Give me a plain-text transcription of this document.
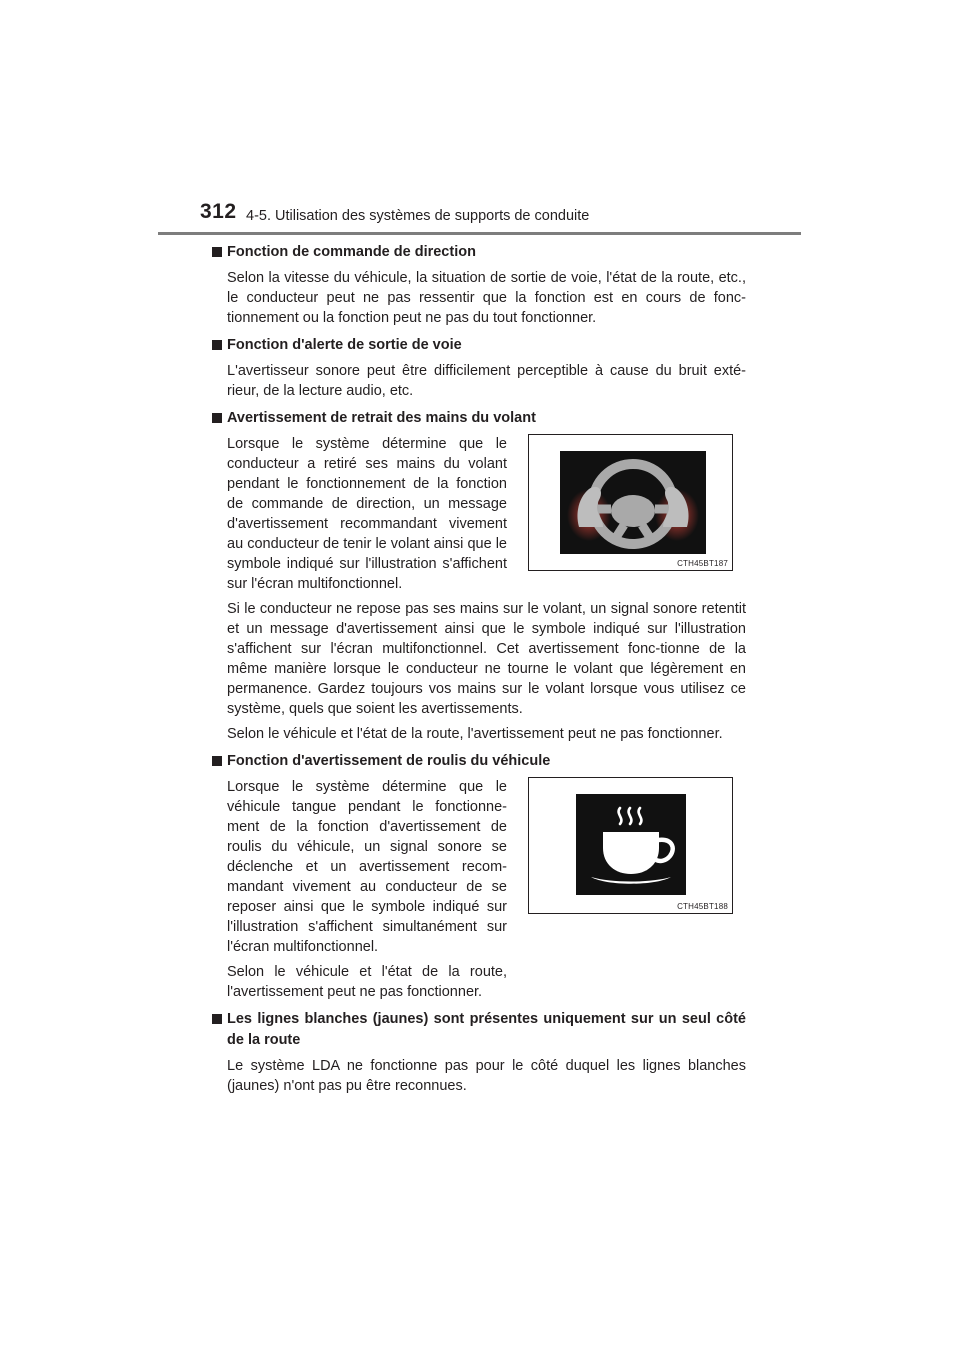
312 4-5. Utilisation des systèmes de supports de conduite
Fonction de commande de direction
Selon la vitesse du véhicule, la situation de sortie de voie, l'état de la route, etc., le conducteur peut ne pas ressentir que la fonction est en cours de fonc-tionnement ou la fonction peut ne pas du tout fonctionner.
Fonction d'alerte de sortie de voie
L'avertisseur sonore peut être difficilement perceptible à cause du bruit exté-rieur, de la lecture audio, etc.
Avertissement de retrait des mains du volant
Lorsque le système détermine que le conducteur a retiré ses mains du volant pendant le fonctionnement de la fonction de commande de direction, un message d'avertissement recommandant vivement au conducteur de tenir le volant ainsi que le symbole indiqué sur l'illustration s'affichent sur l'écran multifonctionnel.
CTH45BT187
Si le conducteur ne repose pas ses mains sur le volant, un signal sonore retentit et un message d'avertissement ainsi que le symbole indiqué sur l'illustration s'affichent sur l'écran multifonctionnel. Cet avertissement fonc-tionne de la même manière lorsque le conducteur ne tourne le volant que légèrement en permanence. Gardez toujours vos mains sur le volant lorsque vous utilisez ce système, quels que soient les avertissements.
Selon le véhicule et l'état de la route, l'avertissement peut ne pas fonctionner.
Fonction d'avertissement de roulis du véhicule
Lorsque le système détermine que le véhicule tangue pendant le fonctionne-ment de la fonction d'avertissement de roulis du véhicule, un signal sonore se déclenche et un avertissement recom-mandant vivement au conducteur de se reposer ainsi que le symbole indiqué sur l'illustration s'affichent simultanément sur l'écran multifonctionnel.
Selon le véhicule et l'état de la route, l'avertissement peut ne pas fonctionner.
CTH45BT188
Les lignes blanches (jaunes) sont présentes uniquement sur un seul côté de la route
Le système LDA ne fonctionne pas pour le côté duquel les lignes blanches (jaunes) n'ont pas pu être reconnues.
